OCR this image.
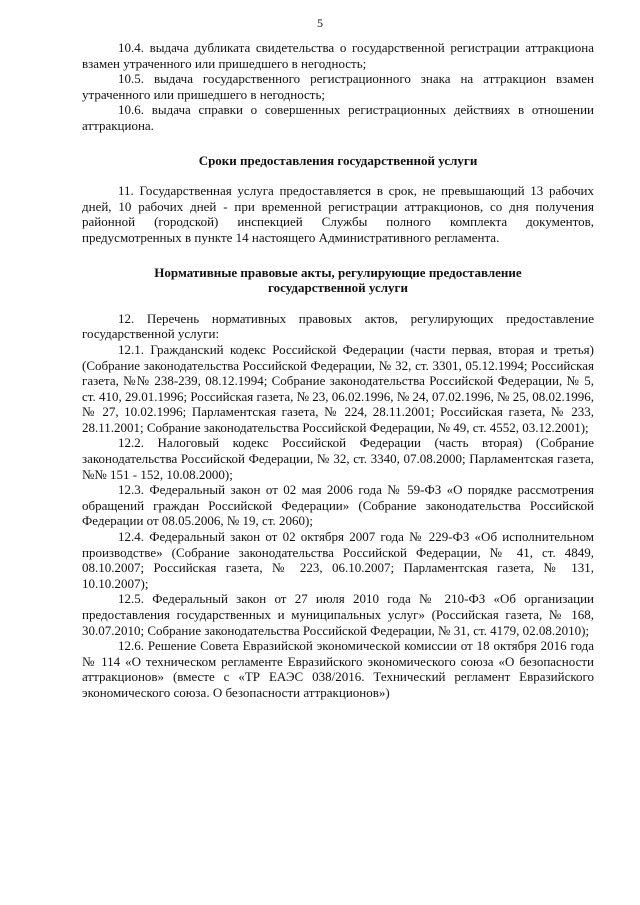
5

10.4. выдача дубликата свидетельства о государственной регистрации аттракциона взамен утраченного или пришедшего в негодность;

10.5. выдача государственного регистрационного знака на аттракцион взамен утраченного или пришедшего в негодность;

10.6. выдача справки о совершенных регистрационных действиях в отношении аттракциона.

Сроки предоставления государственной услуги

11. Государственная услуга предоставляется в срок, не превышающий 13 рабочих дней, 10 рабочих дней - при временной регистрации аттракционов, со дня получения районной (городской) инспекцией Службы полного комплекта документов, предусмотренных в пункте 14 настоящего Административного регламента.

Нормативные правовые акты, регулирующие предоставление

государственной услуги

12. Перечень нормативных правовых актов, регулирующих предоставление государственной услуги:

12.1. Гражданский кодекс Российской Федерации (части первая, вторая и третья) (Собрание законодательства Российской Федерации, № 32, ст. 3301, 05.12.1994; Российская газета, №№ 238-239, 08.12.1994; Собрание законодательства Российской Федерации, № 5, ст. 410, 29.01.1996; Российская газета, № 23, 06.02.1996, № 24, 07.02.1996, № 25, 08.02.1996, № 27, 10.02.1996; Парламентская газета, № 224, 28.11.2001; Российская газета, № 233, 28.11.2001; Собрание законодательства Российской Федерации, № 49, ст. 4552, 03.12.2001);

12.2. Налоговый кодекс Российской Федерации (часть вторая) (Собрание законодательства Российской Федерации, № 32, ст. 3340, 07.08.2000; Парламентская газета, №№ 151 - 152, 10.08.2000);

12.3. Федеральный закон от 02 мая 2006 года № 59-ФЗ «О порядке рассмотрения обращений граждан Российской Федерации» (Собрание законодательства Российской Федерации от 08.05.2006, № 19, ст. 2060);

12.4. Федеральный закон от 02 октября 2007 года № 229-ФЗ «Об исполнительном производстве» (Собрание законодательства Российской Федерации, № 41, ст. 4849, 08.10.2007; Российская газета, № 223, 06.10.2007; Парламентская газета, № 131, 10.10.2007);

12.5. Федеральный закон от 27 июля 2010 года № 210-ФЗ «Об организации предоставления государственных и муниципальных услуг» (Российская газета, № 168, 30.07.2010; Собрание законодательства Российской Федерации, № 31, ст. 4179, 02.08.2010);

12.6. Решение Совета Евразийской экономической комиссии от 18 октября 2016 года № 114 «О техническом регламенте Евразийского экономического союза «О безопасности аттракционов» (вместе с «ТР ЕАЭС 038/2016. Технический регламент Евразийского экономического союза. О безопасности аттракционов»)
